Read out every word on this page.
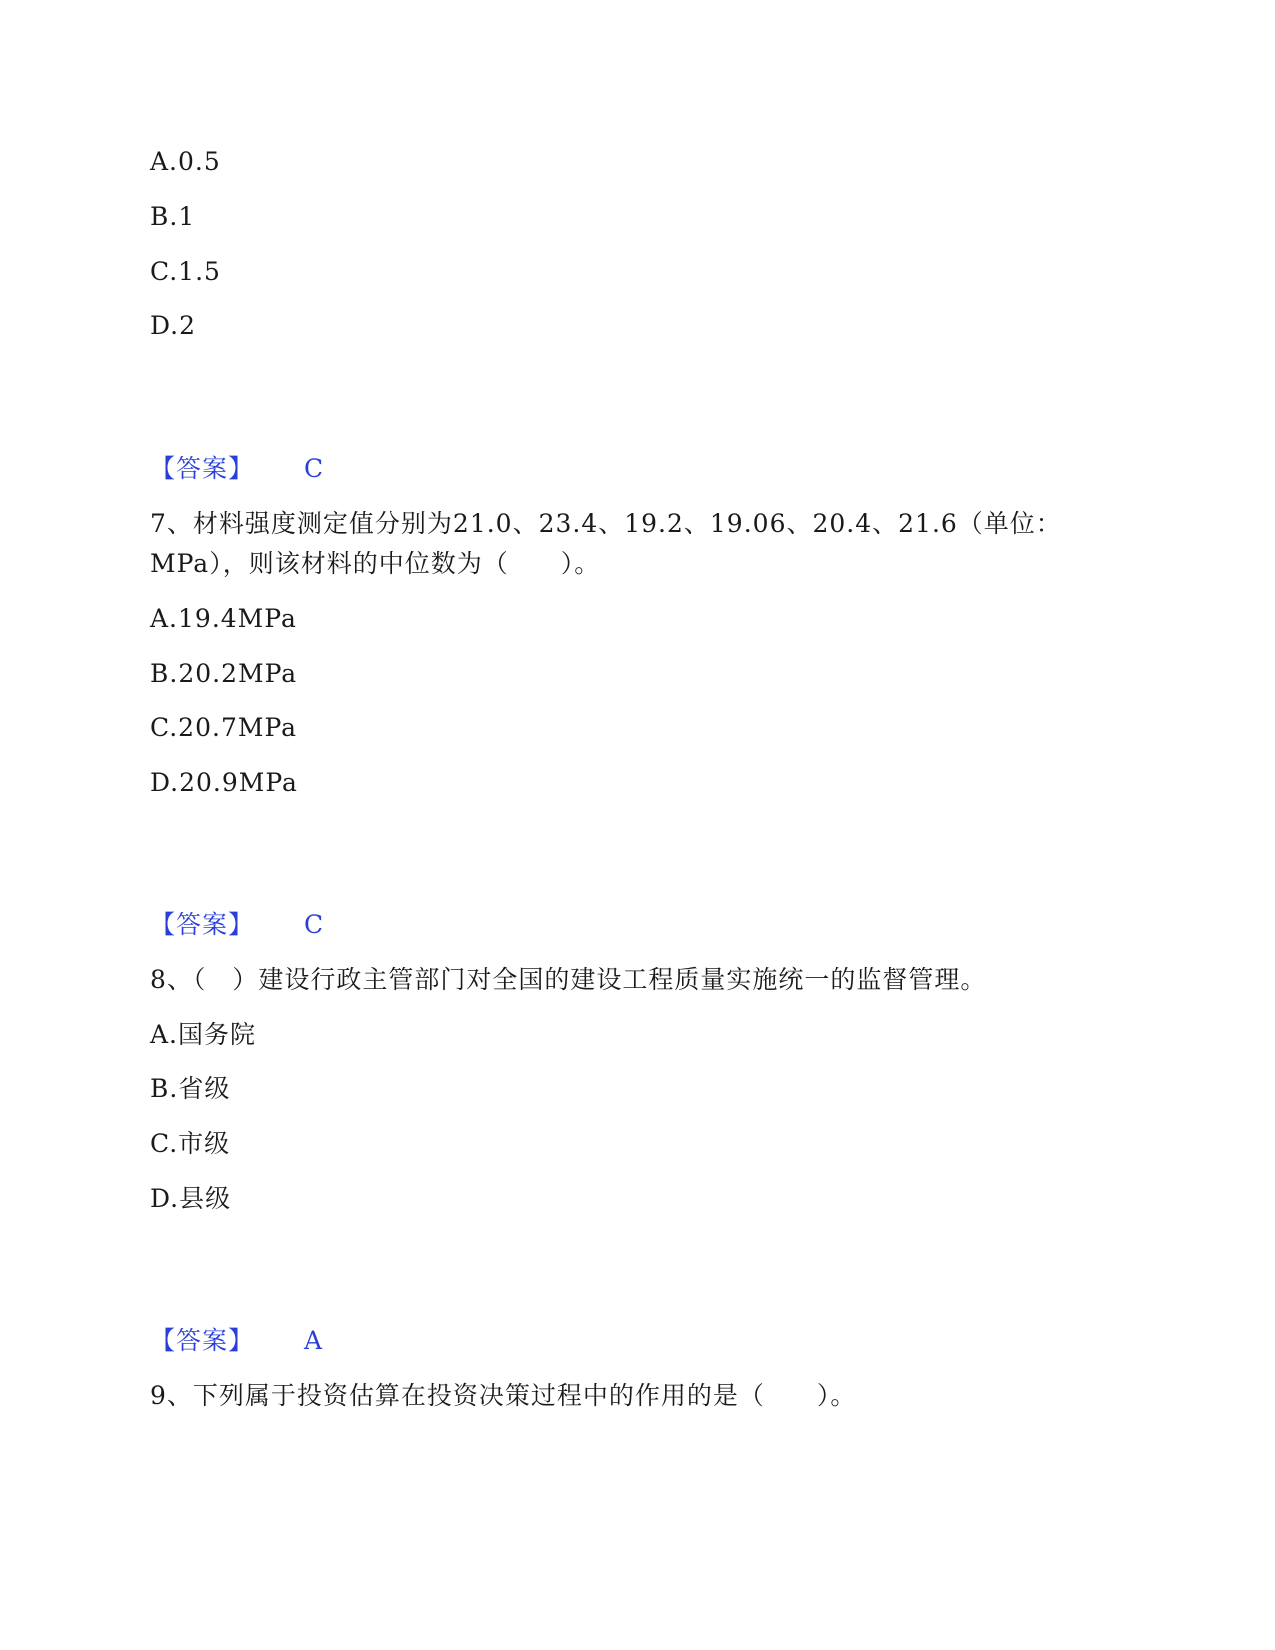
A.0.5
B.1
C.1.5
D.2
【答案】 C
7、材料强度测定值分别为21.0、23.4、19.2、19.06、20.4、21.6（单位：
MPa），则该材料的中位数为（　　）。
A.19.4MPa
B.20.2MPa
C.20.7MPa
D.20.9MPa
【答案】 C
8、（　）建设行政主管部门对全国的建设工程质量实施统一的监督管理。
A.国务院
B.省级
C.市级
D.县级
【答案】 A
9、下列属于投资估算在投资决策过程中的作用的是（　　）。
